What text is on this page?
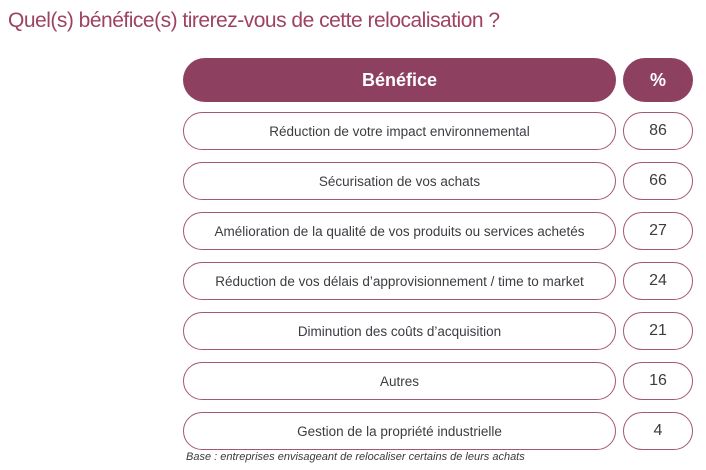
Quel(s) bénéfice(s) tirerez-vous de cette relocalisation ?
Bénéfice	%
Réduction de votre impact environnemental	86
Sécurisation de vos achats	66
Amélioration de la qualité de vos produits ou services achetés	27
Réduction de vos délais d’approvisionnement / time to market	24
Diminution des coûts d’acquisition	21
Autres	16
Gestion de la propriété industrielle	4
Base : entreprises envisageant de relocaliser certains de leurs achats
